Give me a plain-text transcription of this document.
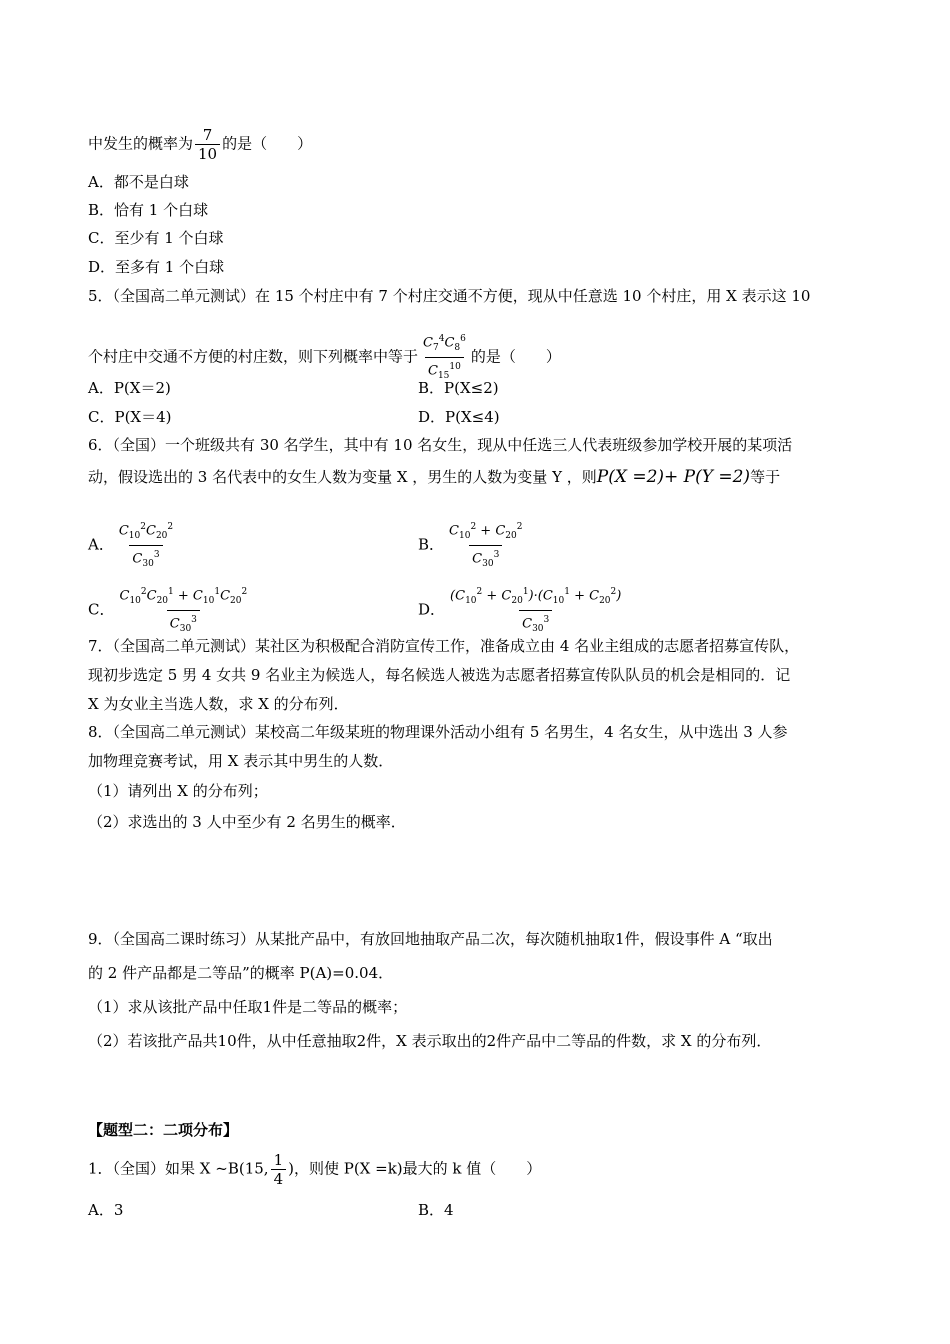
中发生的概率为 $\frac{7}{10}$ 的是（　　）
A．都不是白球
B．恰有 1 个白球
C．至少有 1 个白球
D．至多有 1 个白球
5．（全国高二单元测试）在 15 个村庄中有 7 个村庄交通不方便，现从中任意选 10 个村庄，用 X 表示这 10
个村庄中交通不方便的村庄数，则下列概率中等于 $\frac{C_7^4C_8^6}{C_{15}^{10}}$ 的是（　　）
A．P(X＝2)	B．P(X≤2)
C．P(X＝4)	D．P(X≤4)
6．（全国）一个班级共有 30 名学生，其中有 10 名女生，现从中任选三人代表班级参加学校开展的某项活
动，假设选出的 3 名代表中的女生人数为变量 X ，男生的人数为变量 Y ，则P(X =2)+ P(Y =2)等于
A． $\frac{C_{10}^2C_{20}^2}{C_{30}^3}$	B． $\frac{C_{10}^2 + C_{20}^2}{C_{30}^3}$
C． $\frac{C_{10}^2C_{20}^1 + C_{10}^1C_{20}^2}{C_{30}^3}$	D． $\frac{(C_{10}^2 + C_{20}^1)\cdot(C_{10}^1 + C_{20}^2)}{C_{30}^3}$
7．（全国高二单元测试）某社区为积极配合消防宣传工作，准备成立由 4 名业主组成的志愿者招募宣传队，
现初步选定 5 男 4 女共 9 名业主为候选人，每名候选人被选为志愿者招募宣传队队员的机会是相同的．记
X 为女业主当选人数，求 X 的分布列．
8．（全国高二单元测试）某校高二年级某班的物理课外活动小组有 5 名男生，4 名女生，从中选出 3 人参
加物理竞赛考试，用 X 表示其中男生的人数．
（1）请列出 X 的分布列；
（2）求选出的 3 人中至少有 2 名男生的概率．
9．（全国高二课时练习）从某批产品中，有放回地抽取产品二次，每次随机抽取1件，假设事件 A “取出
的 2 件产品都是二等品”的概率 P(A)=0.04．
（1）求从该批产品中任取1件是二等品的概率；
（2）若该批产品共10件，从中任意抽取2件，X 表示取出的2件产品中二等品的件数，求 X 的分布列．
【题型二：二项分布】
1．（全国）如果 X ~B(15, $\frac{1}{4}$ )，则使 P(X =k)最大的 k 值（　　）
A．3	B．4
